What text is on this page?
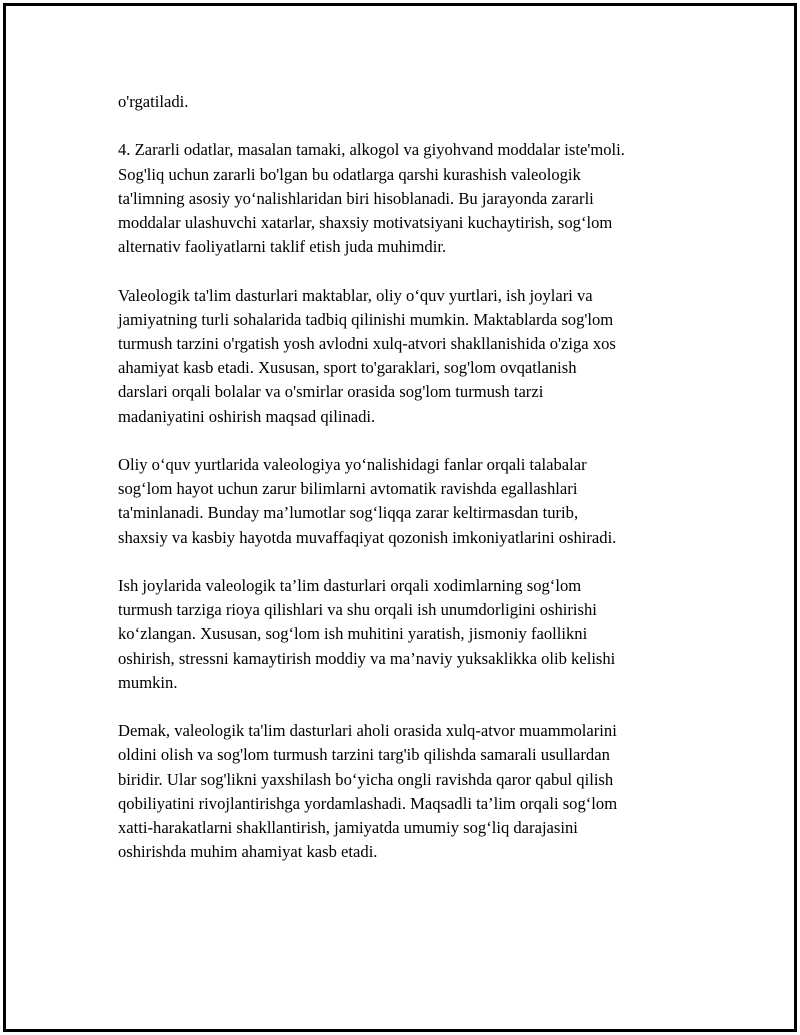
o'rgatiladi.

4. Zararli odatlar, masalan tamaki, alkogol va giyohvand moddalar iste'moli.
Sog'liq uchun zararli bo'lgan bu odatlarga qarshi kurashish valeologik
ta'limning asosiy yo‘nalishlaridan biri hisoblanadi. Bu jarayonda zararli
moddalar ulashuvchi xatarlar, shaxsiy motivatsiyani kuchaytirish, sog‘lom
alternativ faoliyatlarni taklif etish juda muhimdir.

Valeologik ta'lim dasturlari maktablar, oliy o‘quv yurtlari, ish joylari va
jamiyatning turli sohalarida tadbiq qilinishi mumkin. Maktablarda sog'lom
turmush tarzini o'rgatish yosh avlodni xulq-atvori shakllanishida o'ziga xos
ahamiyat kasb etadi. Xususan, sport to'garaklari, sog'lom ovqatlanish
darslari orqali bolalar va o'smirlar orasida sog'lom turmush tarzi
madaniyatini oshirish maqsad qilinadi.

Oliy o‘quv yurtlarida valeologiya yo‘nalishidagi fanlar orqali talabalar
sog‘lom hayot uchun zarur bilimlarni avtomatik ravishda egallashlari
ta'minlanadi. Bunday ma’lumotlar sog‘liqqa zarar keltirmasdan turib,
shaxsiy va kasbiy hayotda muvaffaqiyat qozonish imkoniyatlarini oshiradi.

Ish joylarida valeologik ta’lim dasturlari orqali xodimlarning sog‘lom
turmush tarziga rioya qilishlari va shu orqali ish unumdorligini oshirishi
ko‘zlangan. Xususan, sog‘lom ish muhitini yaratish, jismoniy faollikni
oshirish, stressni kamaytirish moddiy va ma’naviy yuksaklikka olib kelishi
mumkin.

Demak, valeologik ta'lim dasturlari aholi orasida xulq-atvor muammolarini
oldini olish va sog'lom turmush tarzini targ'ib qilishda samarali usullardan
biridir. Ular sog'likni yaxshilash bo‘yicha ongli ravishda qaror qabul qilish
qobiliyatini rivojlantirishga yordamlashadi. Maqsadli ta’lim orqali sog‘lom
xatti-harakatlarni shakllantirish, jamiyatda umumiy sog‘liq darajasini
oshirishda muhim ahamiyat kasb etadi.
